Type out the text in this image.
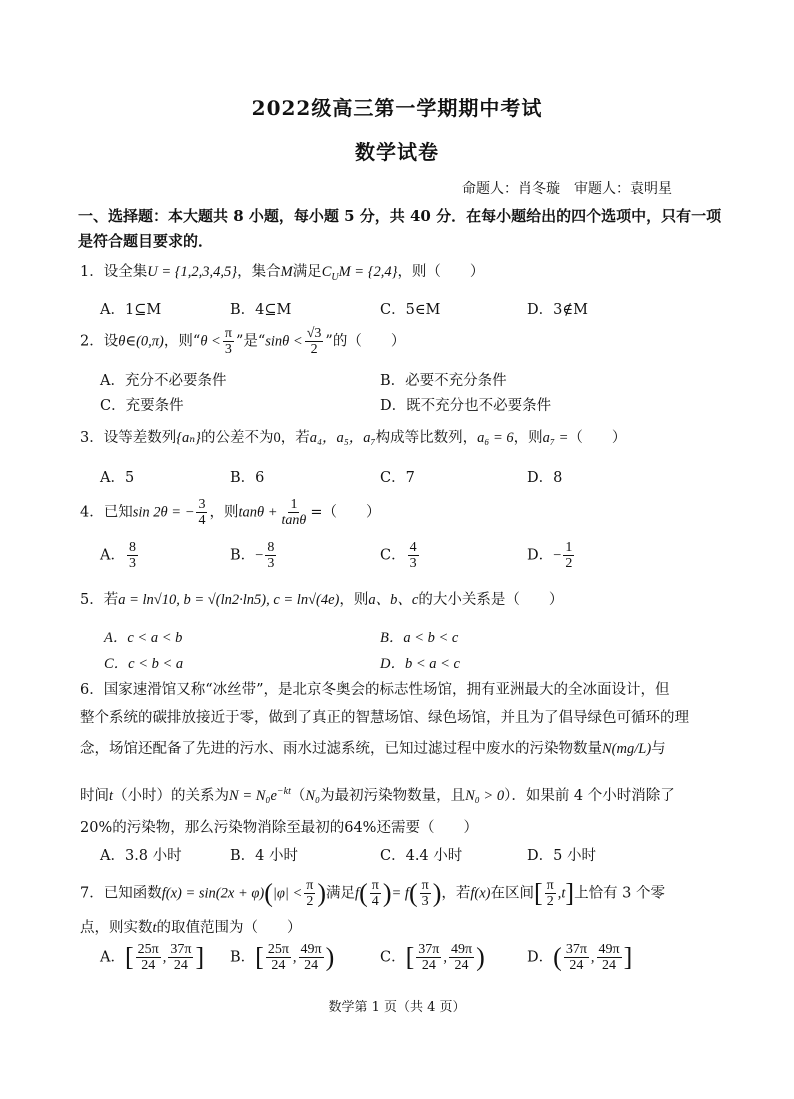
2022级高三第一学期期中考试
数学试卷
命题人：肖冬璇　审题人：袁明星
一、选择题：本大题共 8 小题，每小题 5 分，共 40 分．在每小题给出的四个选项中，只有一项
是符合题目要求的．
1．设全集U = {1,2,3,4,5}，集合M满足$C_UM = \{2,4\}$，则（　　）
A．1⊆M	B．4⊆M	C．5∈M	D．3∉M
2．设θ∈(0,π)，则“$\theta < \frac{\pi}{3}$ ”是“$\sin\theta < \frac{√3}{2}$ ”的（　　）
A．充分不必要条件	B．必要不充分条件
C．充要条件	D．既不充分也不必要条件
3．设等差数列{aₙ}的公差不为0，若a₄，a₅，a₇构成等比数列，a₆ = 6，则a₇ =（　　）
A．5	B．6	C．7	D．8
4．已知sin 2θ = − $\frac{3}{4}$ ，则$\tan\theta + \frac{1}{\tan\theta}$ =（　　）
A． $\frac{8}{3}$	B．− $\frac{8}{3}$	C． $\frac{4}{3}$	D．− $\frac{1}{2}$
5．若a = ln√10, b = √(ln2·ln5), c = ln√(4e)，则a、b、c的大小关系是（　　）
A．c < a < b	B．a < b < c
C．c < b < a	D．b < a < c
6．国家速滑馆又称“冰丝带”，是北京冬奥会的标志性场馆，拥有亚洲最大的全冰面设计，但
整个系统的碳排放接近于零，做到了真正的智慧场馆、绿色场馆，并且为了倡导绿色可循环的理
念，场馆还配备了先进的污水、雨水过滤系统，已知过滤过程中废水的污染物数量N(mg/L)与
时间t（小时）的关系为$N = N_0e^{-kt}(N_0$为最初污染物数量，且N₀ > 0）．如果前 4 个小时消除了
20%的污染物，那么污染物消除至最初的64%还需要（　　）
A．3.8 小时	B．4 小时	C．4.4 小时	D．5 小时
7．已知函数$f(x) = \sin(2x + \varphi)(|\varphi| < \frac{\pi}{2}$ )满足$f( \frac{\pi}{4}$ )= $f( \frac{\pi}{3}$ )，若f(x)在区间[ $\frac{\pi}{2} ,t$]上恰有 3 个零
点，则实数t的取值范围为（　　）
A．[ $\frac{25\pi}{24}$ , $\frac{37\pi}{24}$ ] B．[ $\frac{25\pi}{24}$ , $\frac{49\pi}{24}$ )	C．[ $\frac{37\pi}{24}$ , $\frac{49\pi}{24}$ )	D．( $\frac{37\pi}{24}$ , $\frac{49\pi}{24}$ ]
数学第 1 页（共 4 页）
